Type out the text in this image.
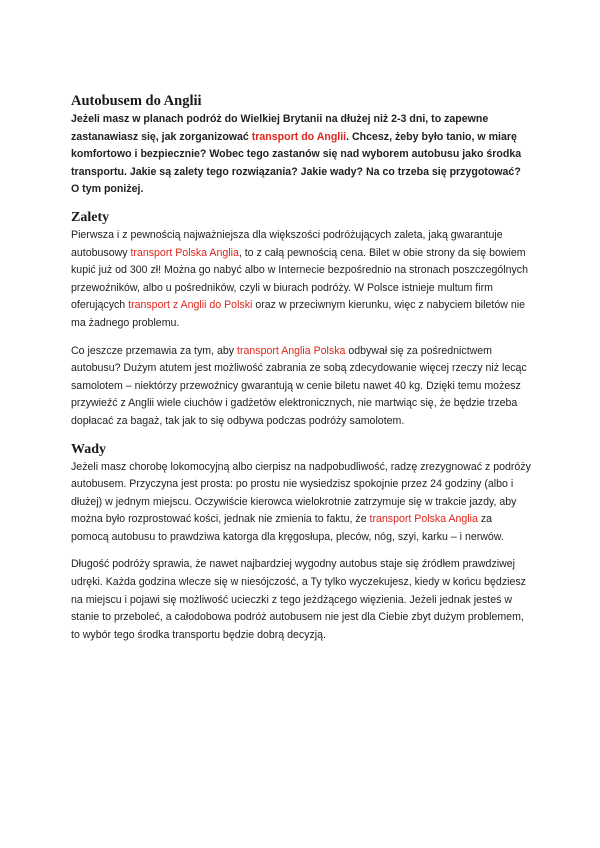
Autobusem do Anglii

Jeżeli masz w planach podróż do Wielkiej Brytanii na dłużej niż 2-3 dni, to zapewne zastanawiasz się, jak zorganizować transport do Anglii. Chcesz, żeby było tanio, w miarę komfortowo i bezpiecznie? Wobec tego zastanów się nad wyborem autobusu jako środka transportu. Jakie są zalety tego rozwiązania? Jakie wady? Na co trzeba się przygotować? O tym poniżej.

Zalety

Pierwsza i z pewnością najważniejsza dla większości podróżujących zaleta, jaką gwarantuje autobusowy transport Polska Anglia, to z całą pewnością cena. Bilet w obie strony da się bowiem kupić już od 300 zł! Można go nabyć albo w Internecie bezpośrednio na stronach poszczególnych przewoźników, albo u pośredników, czyli w biurach podróży. W Polsce istnieje multum firm oferujących transport z Anglii do Polski oraz w przeciwnym kierunku, więc z nabyciem biletów nie ma żadnego problemu.

Co jeszcze przemawia za tym, aby transport Anglia Polska odbywał się za pośrednictwem autobusu? Dużym atutem jest możliwość zabrania ze sobą zdecydowanie więcej rzeczy niż lecąc samolotem – niektórzy przewoźnicy gwarantują w cenie biletu nawet 40 kg. Dzięki temu możesz przywieźć z Anglii wiele ciuchów i gadżetów elektronicznych, nie martwiąc się, że będzie trzeba dopłacać za bagaż, tak jak to się odbywa podczas podróży samolotem.

Wady

Jeżeli masz chorobę lokomocyjną albo cierpisz na nadpobudliwość, radzę zrezygnować z podróży autobusem. Przyczyna jest prosta: po prostu nie wysiedzisz spokojnie przez 24 godziny (albo i dłużej) w jednym miejscu. Oczywiście kierowca wielokrotnie zatrzymuje się w trakcie jazdy, aby można było rozprostować kości, jednak nie zmienia to faktu, że transport Polska Anglia za pomocą autobusu to prawdziwa katorga dla kręgosłupa, pleców, nóg, szyi, karku – i nerwów.

Długość podróży sprawia, że nawet najbardziej wygodny autobus staje się źródłem prawdziwej udręki. Każda godzina wlecze się w niesójczość, a Ty tylko wyczekujesz, kiedy w końcu będziesz na miejscu i pojawi się możliwość ucieczki z tego jeżdżącego więzienia. Jeżeli jednak jesteś w stanie to przeboleć, a całodobowa podróż autobusem nie jest dla Ciebie zbyt dużym problemem, to wybór tego środka transportu będzie dobrą decyzją.
